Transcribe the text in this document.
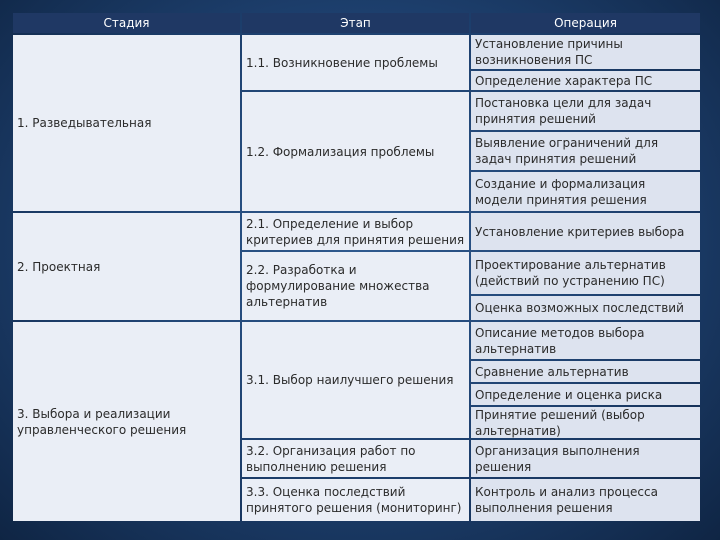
Стадия	Этап	Операция
1. Разведывательная
2. Проектная
3. Выбора и реализации управленческого решения
1.1. Возникновение проблемы
1.2. Формализация проблемы
2.1. Определение и выбор критериев для принятия решения
2.2. Разработка и формулирование множества альтернатив
3.1. Выбор наилучшего решения
3.2. Организация работ по выполнению решения
3.3. Оценка последствий принятого решения (мониторинг)
Установление причины возникновения ПС
Определение характера ПС
Постановка цели для задач принятия решений
Выявление ограничений для задач принятия решений
Создание и формализация модели принятия решения
Установление критериев выбора
Проектирование альтернатив (действий по устранению ПС)
Оценка возможных последствий
Описание методов выбора альтернатив
Сравнение альтернатив
Определение и оценка риска
Принятие решений (выбор альтернатив)
Организация выполнения решения
Контроль и анализ процесса выполнения решения
